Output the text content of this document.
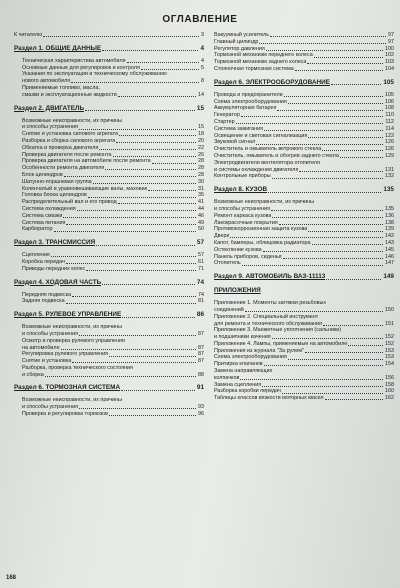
ОГЛАВЛЕНИЕ
К читателю	3
Раздел 1. ОБЩИЕ ДАННЫЕ	4
Техническая характеристика автомобиля	4
Основные данные для регулировок и контроля	5
Указания по эксплуатации и техническому обслуживанию
нового автомобиля	8
Применяемые топливо, масла,
смазки и эксплуатационные жидкости	14
Раздел 2. ДВИГАТЕЛЬ	15
Возможные неисправности, их причины
и способы устранения	15
Снятие и установка силового агрегата	18
Разборка и сборка силового агрегата	20
Обкатка и проверка двигателя	22
Проверка двигателя после ремонта	26
Проверка двигателя на автомобиле после ремонта	28
Особенности ремонта двигателя	28
Блок цилиндров	28
Шатунно-поршневая группа	30
Коленчатый и уравновешивающие валы, маховик	31
Головка блока цилиндров	35
Распределительный вал и его привод	41
Система охлаждения	44
Система смазки	46
Система питания	49
Карбюратор	50
Раздел 3. ТРАНСМИССИЯ	57
Сцепление	57
Коробка передач	61
Приводы передних колес	71
Раздел 4. ХОДОВАЯ ЧАСТЬ	74
Передняя подвеска	74
Задняя подвеска	81
Раздел 5. РУЛЕВОЕ УПРАВЛЕНИЕ	86
Возможные неисправности, их причины
и способы устранения	87
Осмотр и проверка рулевого управления
на автомобиле	87
Регулировка рулевого управления	87
Снятие и установка	87
Разборка, проверка технического состояния
и сборка	88
Раздел 6. ТОРМОЗНАЯ СИСТЕМА	91
Возможные неисправности, их причины
и способы устранения	93
Проверка и регулировка тормозов	96
Вакуумный усилитель	97
Главный цилиндр	97
Регулятор давления	100
Тормозной механизм переднего колеса	102
Тормозной механизм заднего колеса	103
Стояночная тормозная система	104
Раздел 6. ЭЛЕКТРООБОРУДОВАНИЕ	105
Провода и предохранители	105
Схема электрооборудования	106
Аккумуляторная батарея	108
Генератор	110
Стартер	112
Система зажигания	114
Освещение и световая сигнализация	122
Звуковой сигнал	126
Очиститель и омыватель ветрового стекла	126
Очиститель, омыватель и обогрев заднего стекла	129
Электродвигатели вентилятора отопителя
и системы охлаждения двигателя	131
Контрольные приборы	132
Раздел 8. КУЗОВ	135
Возможные неисправности, их причины
и способы устранения	135
Ремонт каркаса кузова	136
Лакокрасочные покрытия	138
Противокоррозионная защита кузова	139
Двери	142
Капот, бамперы, облицовка радиатора	143
Остекление кузова	145
Панель приборов, сиденья	146
Отопитель	147
Раздел 9. АВТОМОБИЛЬ ВАЗ-11113	149
ПРИЛОЖЕНИЯ
Приложение 1. Моменты затяжки резьбовых
соединений	150
Приложение 2. Специальный инструмент
для ремонта и технического обслуживания	151
Приложение 3. Манжетные уплотнения (сальники)
и подшипники качения	152
Приложение 4. Лампы, применяемые на автомобиле	152
Приложения из журнала "За рулем"	153
Схема электрооборудования	153
Притирка клапанов	154
Замена направляющих
колпачков	156
Замена сцепления	158
Разборка коробки передач	160
Таблицы классов вязкости моторных масел	162
168
